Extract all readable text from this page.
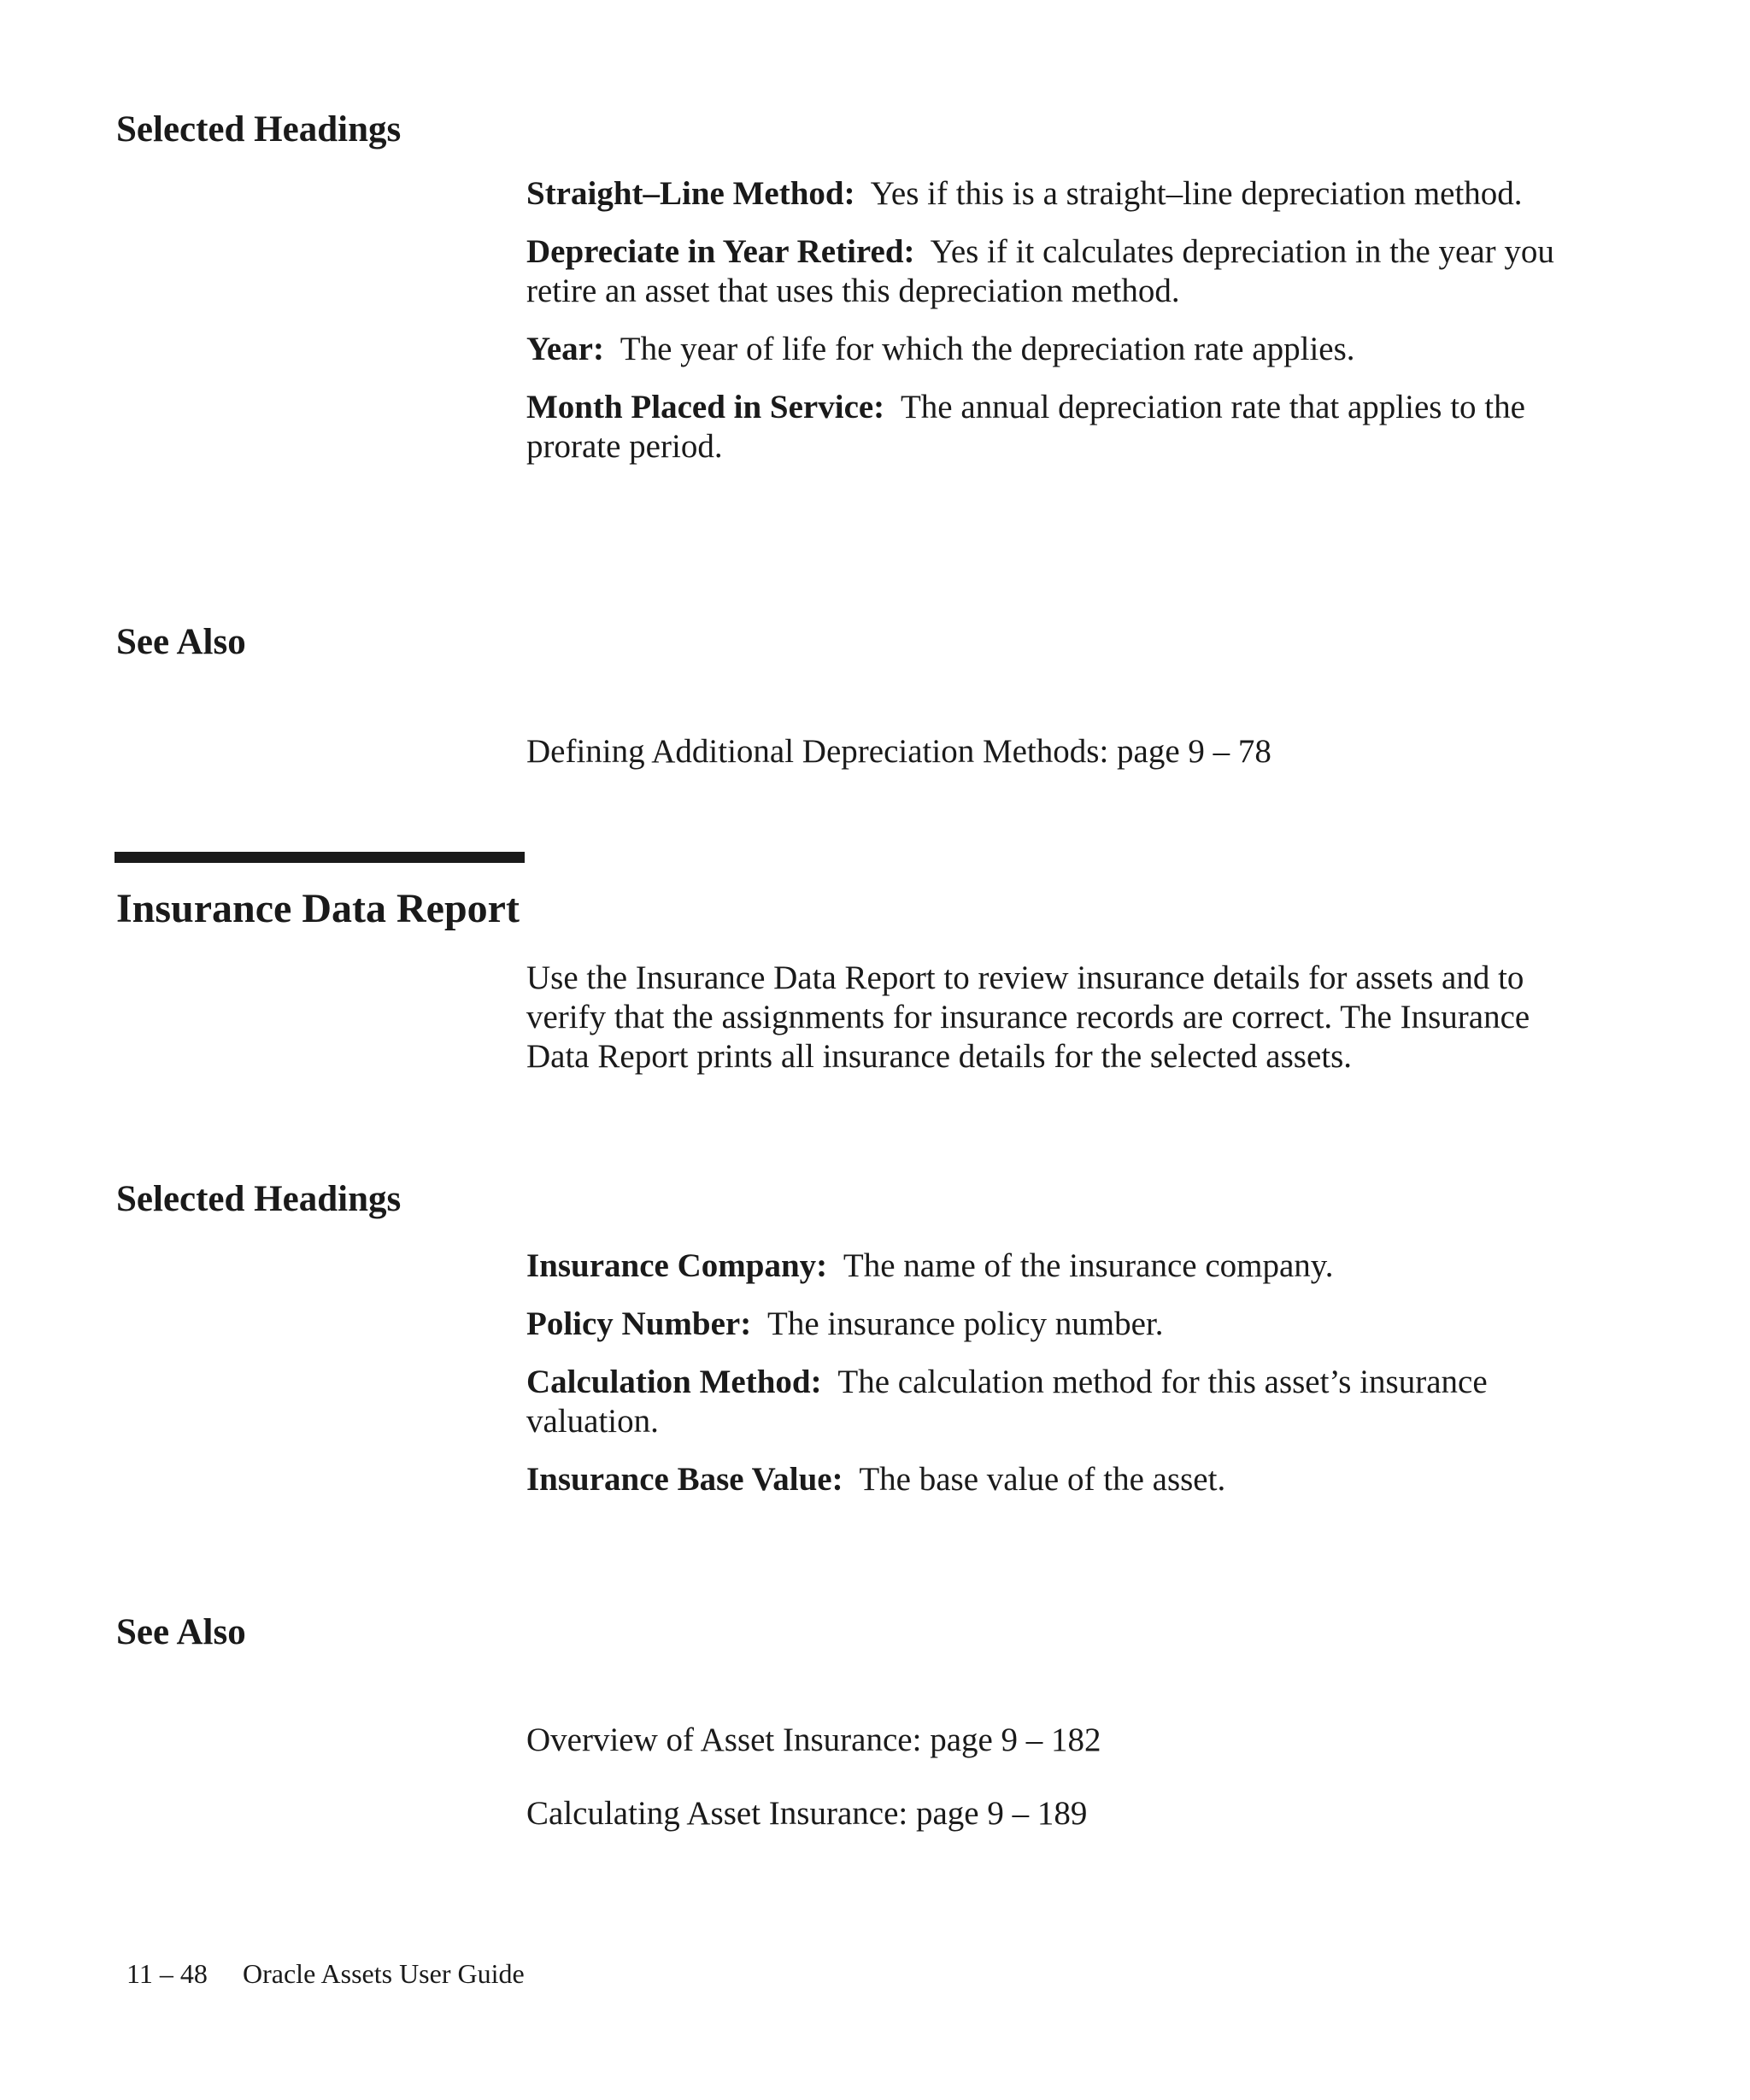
Selected Headings

Straight–Line Method: Yes if this is a straight–line depreciation method.

Depreciate in Year Retired: Yes if it calculates depreciation in the year you retire an asset that uses this depreciation method.

Year: The year of life for which the depreciation rate applies.

Month Placed in Service: The annual depreciation rate that applies to the prorate period.

See Also

Defining Additional Depreciation Methods: page 9 – 78

Insurance Data Report

Use the Insurance Data Report to review insurance details for assets and to verify that the assignments for insurance records are correct. The Insurance Data Report prints all insurance details for the selected assets.

Selected Headings

Insurance Company: The name of the insurance company.

Policy Number: The insurance policy number.

Calculation Method: The calculation method for this asset’s insurance valuation.

Insurance Base Value: The base value of the asset.

See Also

Overview of Asset Insurance: page 9 – 182

Calculating Asset Insurance: page 9 – 189

11 – 48 Oracle Assets User Guide
